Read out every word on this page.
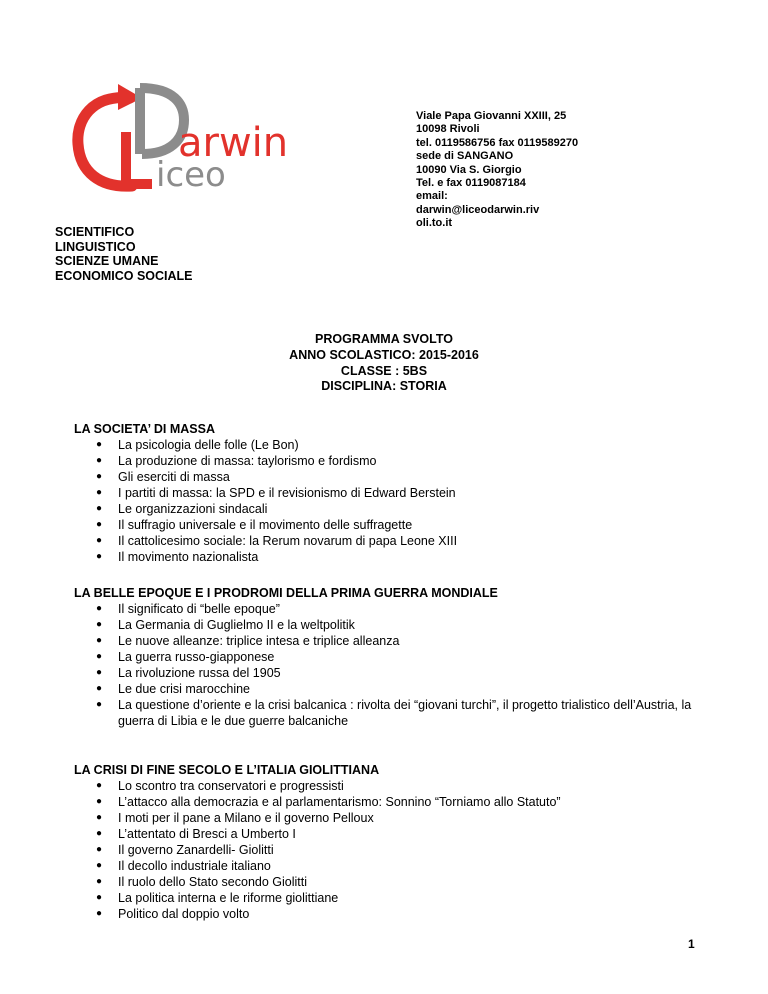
arwin
iceo
Viale Papa Giovanni XXIII, 25
10098 Rivoli
tel. 0119586756 fax 0119589270
sede di SANGANO
10090 Via S. Giorgio
Tel. e fax 0119087184
email:
darwin@liceodarwin.riv
oli.to.it
SCIENTIFICO
LINGUISTICO
SCIENZE UMANE
ECONOMICO SOCIALE
PROGRAMMA SVOLTO
ANNO SCOLASTICO: 2015-2016
CLASSE : 5BS
DISCIPLINA: STORIA
LA SOCIETA’ DI MASSA
● La psicologia delle folle (Le Bon)
● La produzione di massa: taylorismo e fordismo
● Gli eserciti di massa
● I partiti di massa: la SPD e il revisionismo di Edward Berstein
● Le organizzazioni sindacali
● Il suffragio universale e il movimento delle suffragette
● Il cattolicesimo sociale: la Rerum novarum di papa Leone XIII
● Il movimento nazionalista
LA BELLE EPOQUE E I PRODROMI DELLA PRIMA GUERRA MONDIALE
● Il significato di “belle epoque”
● La Germania di Guglielmo II e la weltpolitik
● Le nuove alleanze: triplice intesa e triplice alleanza
● La guerra russo-giapponese
● La rivoluzione russa del 1905
● Le due crisi marocchine
● La questione d’oriente e la crisi balcanica : rivolta dei “giovani turchi”, il progetto trialistico dell’Austria, la guerra di Libia e le due guerre balcaniche
LA CRISI DI FINE SECOLO E L’ITALIA GIOLITTIANA
● Lo scontro tra conservatori e progressisti
● L’attacco alla democrazia e al parlamentarismo: Sonnino “Torniamo allo Statuto”
● I moti per il pane a Milano e il governo Pelloux
● L’attentato di Bresci a Umberto I
● Il governo Zanardelli- Giolitti
● Il decollo industriale italiano
● Il ruolo dello Stato secondo Giolitti
● La politica interna e le riforme giolittiane
● Politico dal doppio volto
1
